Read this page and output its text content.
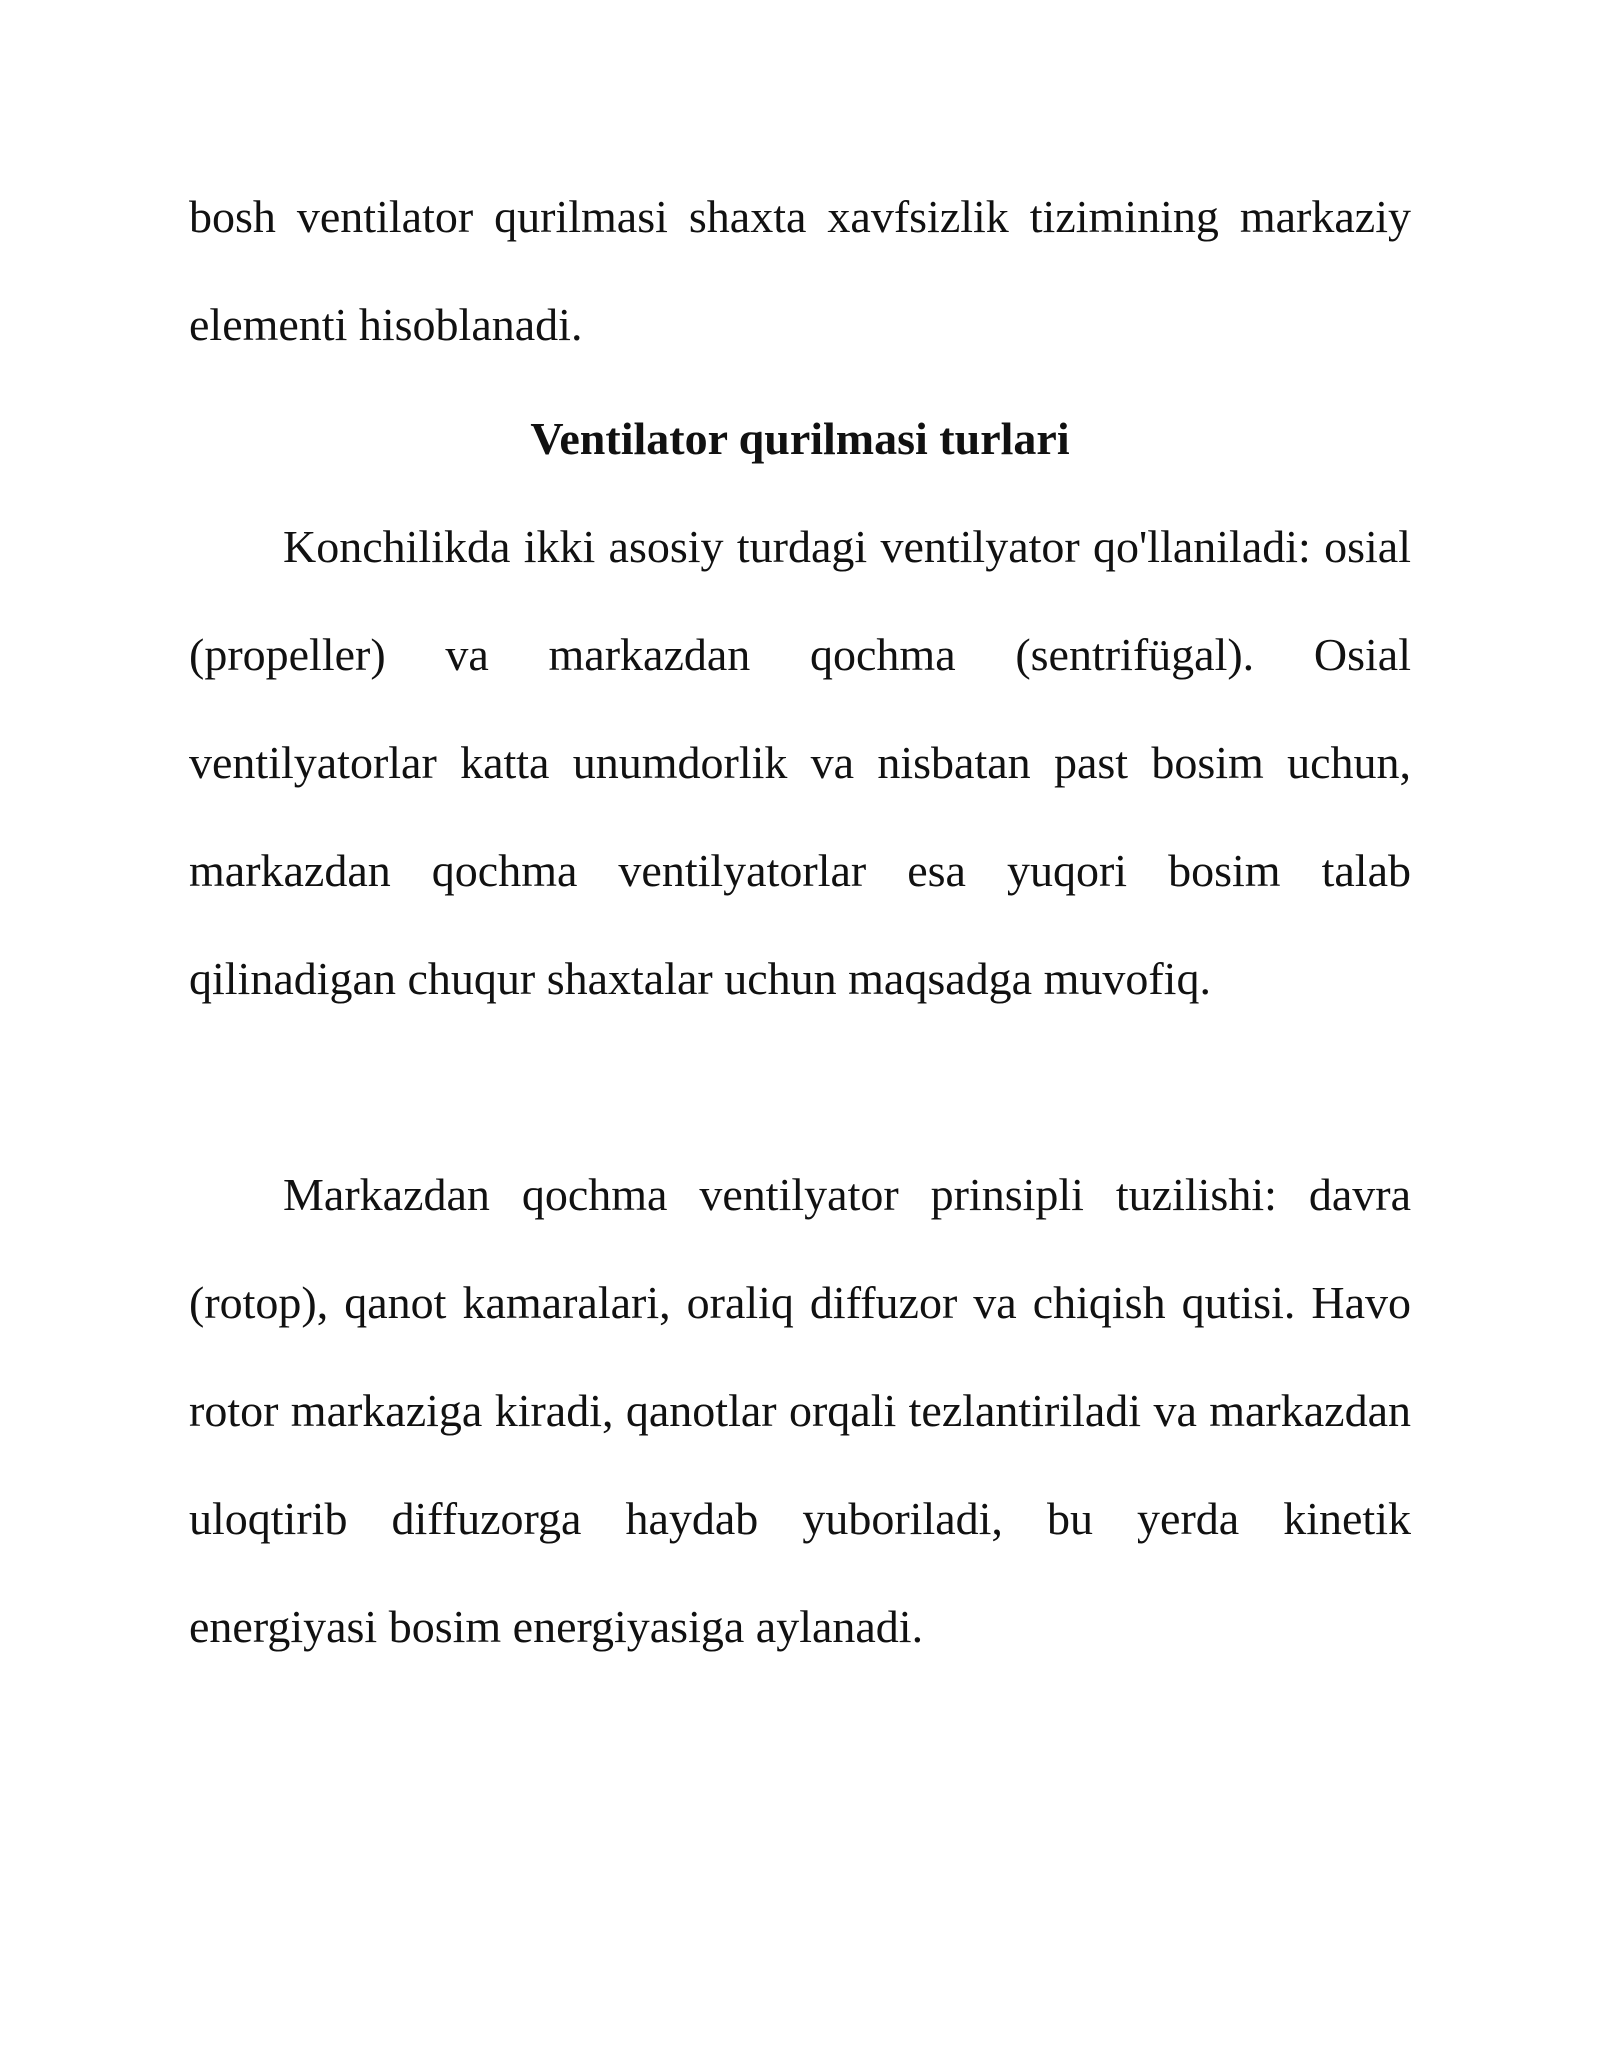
bosh ventilator qurilmasi shaxta xavfsizlik tizimining markaziy elementi hisoblanadi.

Ventilator qurilmasi turlari

Konchilikda ikki asosiy turdagi ventilyator qo'llaniladi: osial (propeller) va markazdan qochma (sentrifügal). Osial ventilyatorlar katta unumdorlik va nisbatan past bosim uchun, markazdan qochma ventilyatorlar esa yuqori bosim talab qilinadigan chuqur shaxtalar uchun maqsadga muvofiq.

Markazdan qochma ventilyator prinsipli tuzilishi: davra (rotop), qanot kamaralari, oraliq diffuzor va chiqish qutisi. Havo rotor markaziga kiradi, qanotlar orqali tezlantiriladi va markazdan uloqtirib diffuzorga haydab yuboriladi, bu yerda kinetik energiyasi bosim energiyasiga aylanadi.
